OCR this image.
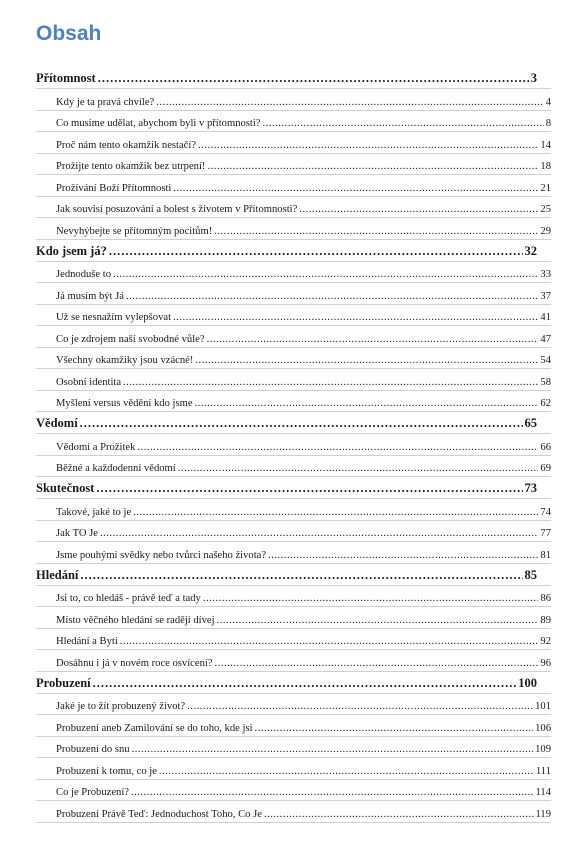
Obsah
Přítomnost .....	3
Kdy je ta pravá chvíle? .....	4
Co musíme udělat, abychom byli v přítomnosti? .....	8
Proč nám tento okamžik nestačí? .....	14
Prožijte tento okamžik bez utrpení! .....	18
Prožívání Boží Přítomnosti .....	21
Jak souvisí posuzování a bolest s životem v Přítomnosti? .....	25
Nevyhýbejte se přítomným pocitům! .....	29
Kdo jsem já? .....	32
Jednoduše to .....	33
Já musím být Já .....	37
Už se nesnažím vylepšovat .....	41
Co je zdrojem naší svobodné vůle? .....	47
Všechny okamžiky jsou vzácné! .....	54
Osobní identita .....	58
Myšlení versus vědění kdo jsme .....	62
Vědomí .....	65
Vědomí a Prožitek .....	66
Běžné a každodenní vědomí .....	69
Skutečnost .....	73
Takové, jaké to je .....	74
Jak TO Je .....	77
Jsme pouhými svědky nebo tvůrci našeho života? .....	81
Hledání .....	85
Jsi to, co hledáš - právě teď a tady .....	86
Místo věčného hledání se raději dívej .....	89
Hledání a Bytí .....	92
Dosáhnu i já v novém roce osvícení? .....	96
Probuzení .....	100
Jaké je to žít probuzený život? .....	101
Probuzení aneb Zamilování se do toho, kde jsi .....	106
Probuzení do snu .....	109
Probuzení k tomu, co je .....	111
Co je Probuzení? .....	114
Probuzení Právě Teď: Jednoduchost Toho, Co Je .....	119
